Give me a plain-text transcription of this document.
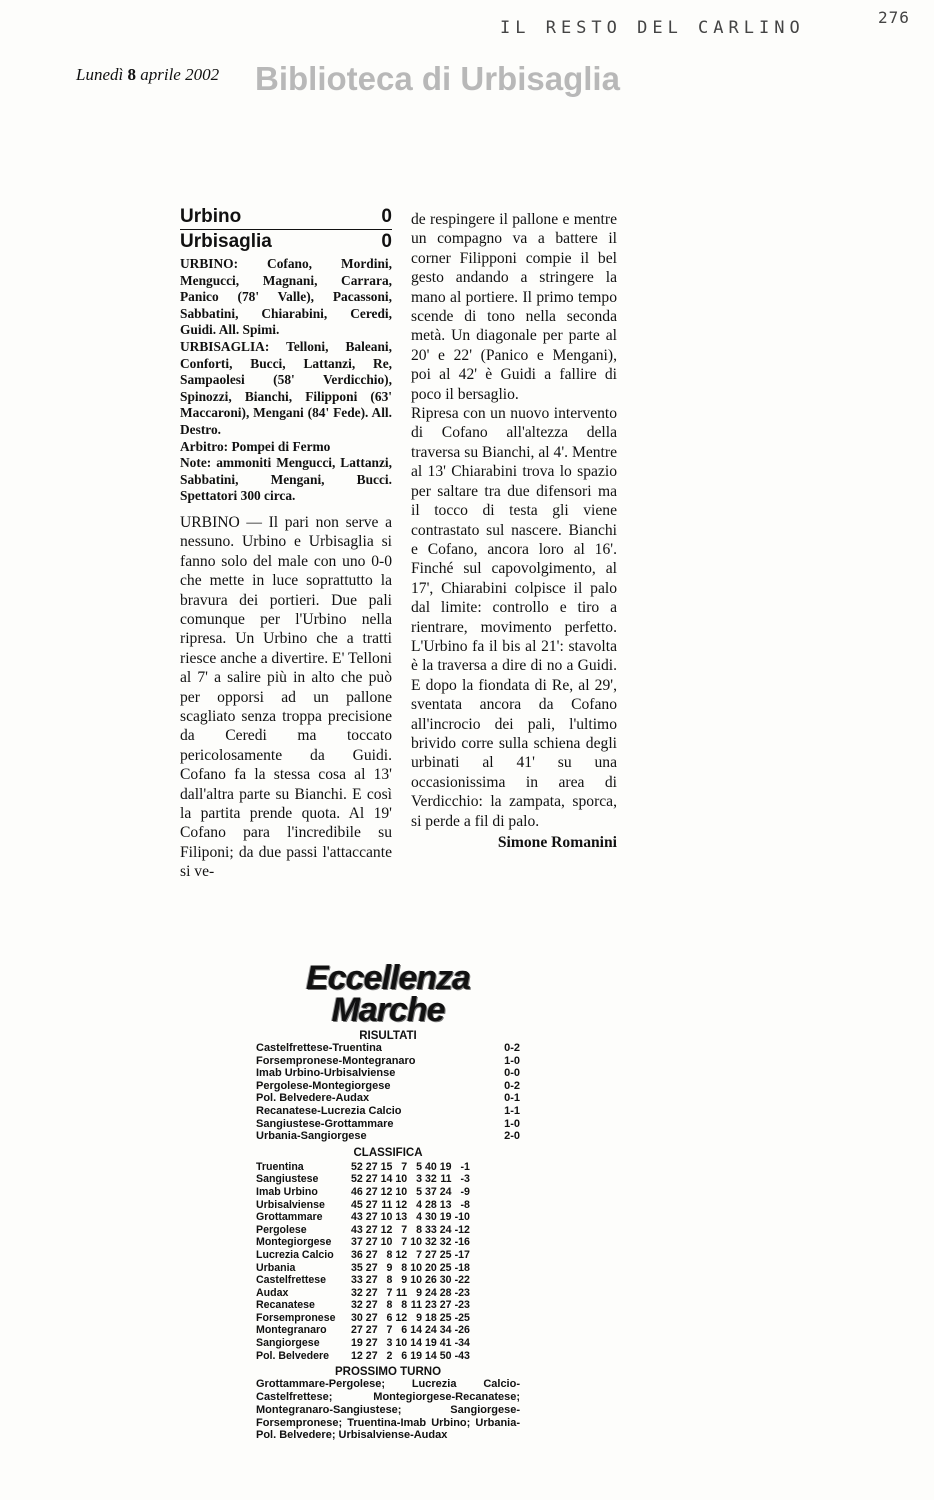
IL RESTO DEL CARLINO
276
Lunedì 8 aprile 2002 Biblioteca di Urbisaglia
Urbino	0
Urbisaglia	0

URBINO: Cofano, Mordini, Mengucci, Magnani, Carrara, Panico (78' Valle), Pacassoni, Sabbatini, Chiarabini, Ceredi, Guidi. All. Spimi.

URBISAGLIA: Telloni, Baleani, Conforti, Bucci, Lattanzi, Re, Sampaolesi (58' Verdicchio), Spinozzi, Bianchi, Filipponi (63' Maccaroni), Mengani (84' Fede). All. Destro.

Arbitro: Pompei di Fermo

Note: ammoniti Mengucci, Lattanzi, Sabbatini, Mengani, Bucci. Spettatori 300 circa.

URBINO — Il pari non serve a nessuno. Urbino e Urbisaglia si fanno solo del male con uno 0-0 che mette in luce soprattutto la bravura dei portieri. Due pali comunque per l'Urbino nella ripresa. Un Urbino che a tratti riesce anche a divertire. E' Telloni al 7' a salire più in alto che può per opporsi ad un pallone scagliato senza troppa precisione da Ceredi ma toccato pericolosamente da Guidi. Cofano fa la stessa cosa al 13' dall'altra parte su Bianchi. E così la partita prende quota. Al 19' Cofano para l'incredibile su Filiponi; da due passi l'attaccante si ve-

de respingere il pallone e mentre un compagno va a battere il corner Filipponi compie il bel gesto andando a stringere la mano al portiere. Il primo tempo scende di tono nella seconda metà. Un diagonale per parte al 20' e 22' (Panico e Mengani), poi al 42' è Guidi a fallire di poco il bersaglio.

Ripresa con un nuovo intervento di Cofano all'altezza della traversa su Bianchi, al 4'. Mentre al 13' Chiarabini trova lo spazio per saltare tra due difensori ma il tocco di testa gli viene contrastato sul nascere. Bianchi e Cofano, ancora loro al 16'. Finché sul capovolgimento, al 17', Chiarabini colpisce il palo dal limite: controllo e tiro a rientrare, movimento perfetto. L'Urbino fa il bis al 21': stavolta è la traversa a dire di no a Guidi. E dopo la fiondata di Re, al 29', sventata ancora da Cofano all'incrocio dei pali, l'ultimo brivido corre sulla schiena degli urbinati al 41' su una occasionissima in area di Verdicchio: la zampata, sporca, si perde a fil di palo.

Simone Romanini
Eccellenza
Marche
RISULTATI
Castelfrettese-Truentina	0-2
Forsempronese-Montegranaro	1-0
Imab Urbino-Urbisalviense	0-0
Pergolese-Montegiorgese	0-2
Pol. Belvedere-Audax	0-1
Recanatese-Lucrezia Calcio	1-1
Sangiustese-Grottammare	1-0
Urbania-Sangiorgese	2-0
CLASSIFICA
Truentina	52	27	15	7	5	40	19	-1
Sangiustese	52	27	14	10	3	32	11	-3
Imab Urbino	46	27	12	10	5	37	24	-9
Urbisalviense	45	27	11	12	4	28	13	-8
Grottammare	43	27	10	13	4	30	19	-10
Pergolese	43	27	12	7	8	33	24	-12
Montegiorgese	37	27	10	7	10	32	32	-16
Lucrezia Calcio	36	27	8	12	7	27	25	-17
Urbania	35	27	9	8	10	20	25	-18
Castelfrettese	33	27	8	9	10	26	30	-22
Audax	32	27	7	11	9	24	28	-23
Recanatese	32	27	8	8	11	23	27	-23
Forsempronese	30	27	6	12	9	18	25	-25
Montegranaro	27	27	7	6	14	24	34	-26
Sangiorgese	19	27	3	10	14	19	41	-34
Pol. Belvedere	12	27	2	6	19	14	50	-43
PROSSIMO TURNO
Grottammare-Pergolese; Lucrezia Calcio-Castelfrettese; Montegiorgese-Recanatese; Montegranaro-Sangiustese; Sangiorgese-Forsempronese; Truentina-Imab Urbino; Urbania-Pol. Belvedere; Urbisalviense-Audax
